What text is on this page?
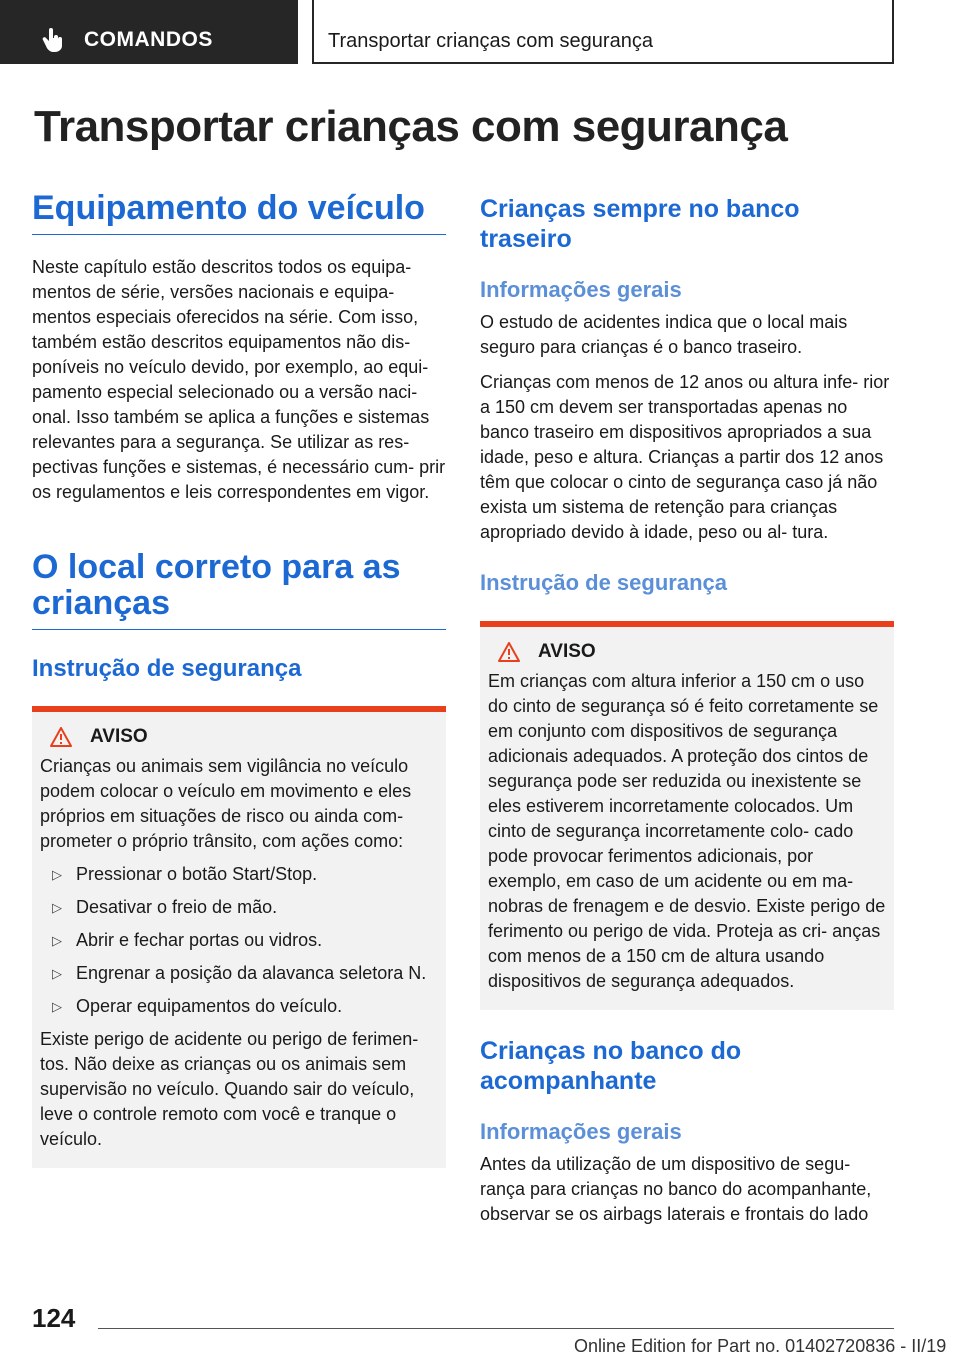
COMANDOS	Transportar crianças com segurança
Transportar crianças com segurança
Equipamento do veículo

Neste capítulo estão descritos todos os equipa- mentos de série, versões nacionais e equipa- mentos especiais oferecidos na série. Com isso, também estão descritos equipamentos não dis- poníveis no veículo devido, por exemplo, ao equi- pamento especial selecionado ou a versão naci- onal. Isso também se aplica a funções e sistemas relevantes para a segurança. Se utilizar as res- pectivas funções e sistemas, é necessário cum- prir os regulamentos e leis correspondentes em vigor.

O local correto para as crianças
Instrução de segurança
AVISO

Crianças ou animais sem vigilância no veículo podem colocar o veículo em movimento e eles próprios em situações de risco ou ainda com- prometer o próprio trânsito, com ações como:

▷ Pressionar o botão Start/Stop.
▷ Desativar o freio de mão.
▷ Abrir e fechar portas ou vidros.
▷ Engrenar a posição da alavanca seletora N.
▷ Operar equipamentos do veículo.

Existe perigo de acidente ou perigo de ferimen- tos. Não deixe as crianças ou os animais sem supervisão no veículo. Quando sair do veículo, leve o controle remoto com você e tranque o veículo.

Crianças sempre no banco traseiro
Informações gerais

O estudo de acidentes indica que o local mais seguro para crianças é o banco traseiro.

Crianças com menos de 12 anos ou altura infe- rior a 150 cm devem ser transportadas apenas no banco traseiro em dispositivos apropriados a sua idade, peso e altura. Crianças a partir dos 12 anos têm que colocar o cinto de segurança caso já não exista um sistema de retenção para crianças apropriado devido à idade, peso ou al- tura.

Instrução de segurança
AVISO

Em crianças com altura inferior a 150 cm o uso do cinto de segurança só é feito corretamente se em conjunto com dispositivos de segurança adicionais adequados. A proteção dos cintos de segurança pode ser reduzida ou inexistente se eles estiverem incorretamente colocados. Um cinto de segurança incorretamente colo- cado pode provocar ferimentos adicionais, por exemplo, em caso de um acidente ou em ma- nobras de frenagem e de desvio. Existe perigo de ferimento ou perigo de vida. Proteja as cri- anças com menos de a 150 cm de altura usando dispositivos de segurança adequados.

Crianças no banco do acompanhante
Informações gerais

Antes da utilização de um dispositivo de segu- rança para crianças no banco do acompanhante, observar se os airbags laterais e frontais do lado

124
Online Edition for Part no. 01402720836 - II/19
